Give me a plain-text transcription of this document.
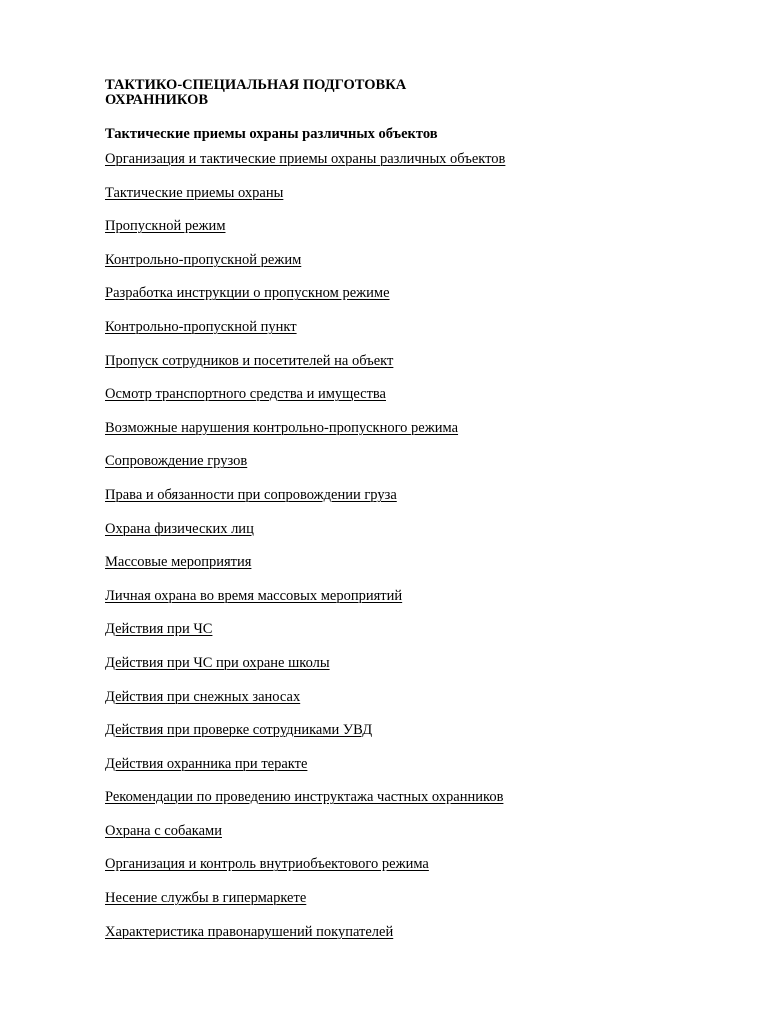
ТАКТИКО-СПЕЦИАЛЬНАЯ ПОДГОТОВКА ОХРАННИКОВ
Тактические приемы охраны различных объектов
Организация и тактические приемы охраны различных объектов
Тактические приемы охраны
Пропускной режим
Контрольно-пропускной режим
Разработка инструкции о пропускном режиме
Контрольно-пропускной пункт
Пропуск сотрудников и посетителей на объект
Осмотр транспортного средства и имущества
Возможные нарушения контрольно-пропускного режима
Сопровождение грузов
Права и обязанности при сопровождении груза
Охрана физических лиц
Массовые мероприятия
Личная охрана во время массовых мероприятий
Действия при ЧС
Действия при ЧС при охране школы
Действия при снежных заносах
Действия при проверке сотрудниками УВД
Действия охранника при теракте
Рекомендации по проведению инструктажа частных охранников
Охрана с собаками
Организация и контроль внутриобъектового режима
Несение службы в гипермаркете
Характеристика правонарушений покупателей
